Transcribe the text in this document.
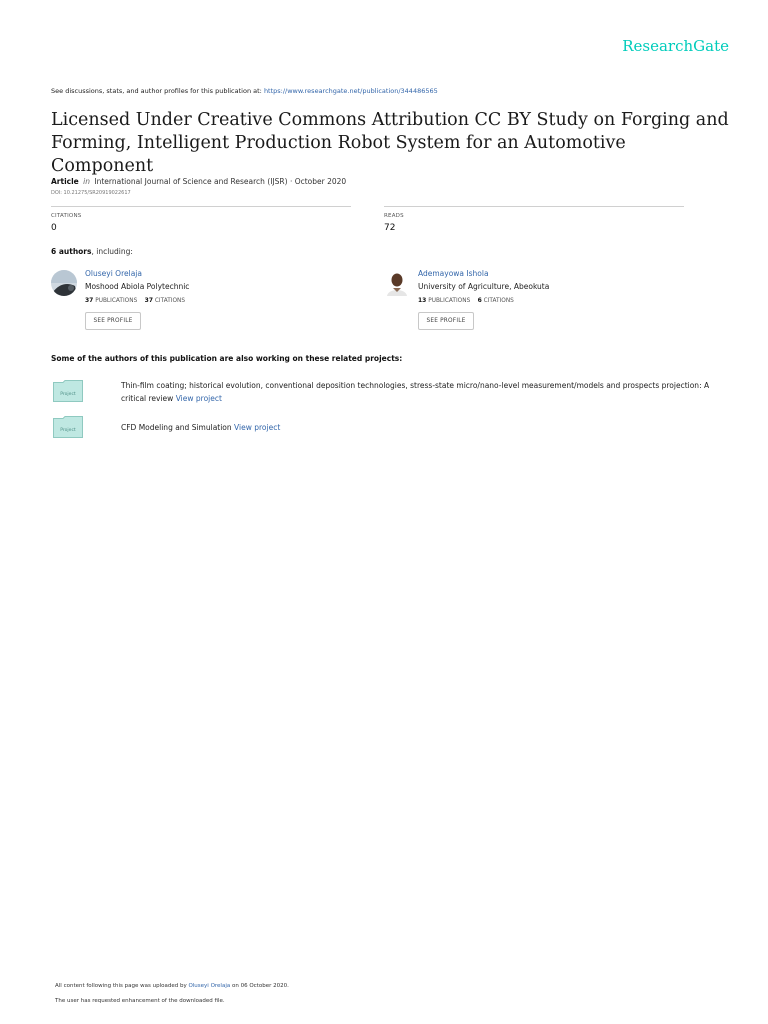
ResearchGate
See discussions, stats, and author profiles for this publication at: https://www.researchgate.net/publication/344486565
Licensed Under Creative Commons Attribution CC BY Study on Forging and Forming, Intelligent Production Robot System for an Automotive Component
Article in International Journal of Science and Research (IJSR) · October 2020
DOI: 10.21275/SR20919022617
CITATIONS
0
READS
72
6 authors, including:
Oluseyi Orelaja
Moshood Abiola Polytechnic
37 PUBLICATIONS 37 CITATIONS
SEE PROFILE
Ademayowa Ishola
University of Agriculture, Abeokuta
13 PUBLICATIONS 6 CITATIONS
SEE PROFILE
Some of the authors of this publication are also working on these related projects:
Project
Thin-film coating; historical evolution, conventional deposition technologies, stress-state micro/nano-level measurement/models and prospects projection: A critical review View project
Project	CFD Modeling and Simulation View project
All content following this page was uploaded by Oluseyi Orelaja on 06 October 2020.
The user has requested enhancement of the downloaded file.
